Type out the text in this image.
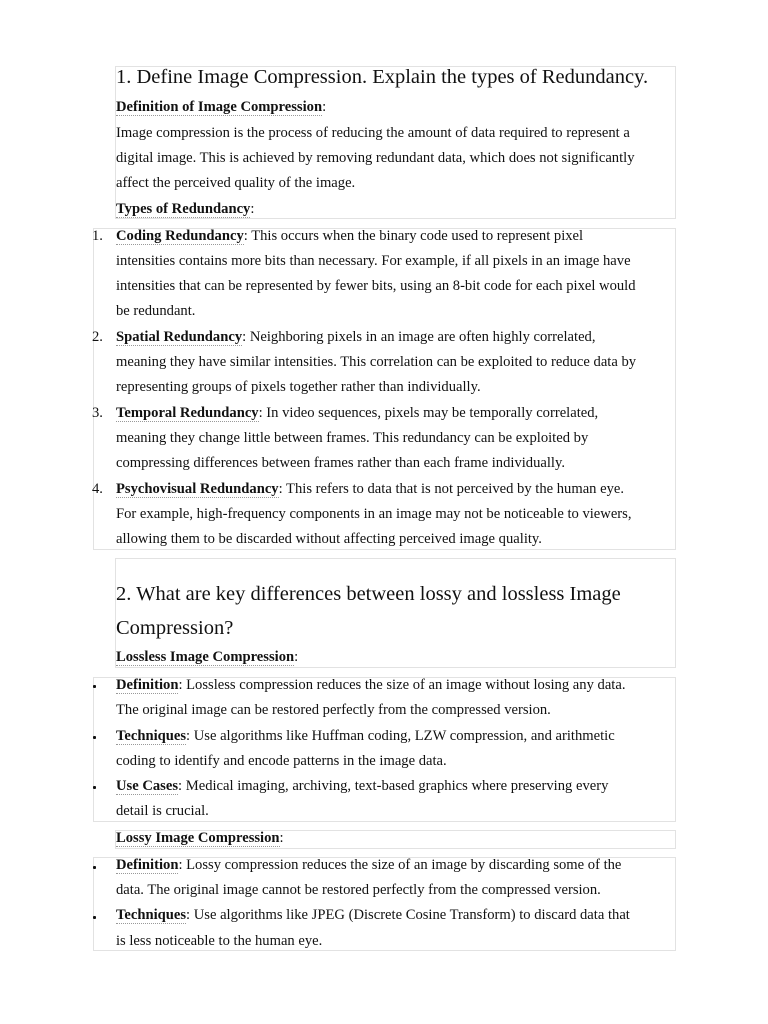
1. Define Image Compression. Explain the types of Redundancy.
Definition of Image Compression:
Image compression is the process of reducing the amount of data required to represent a
digital image. This is achieved by removing redundant data, which does not significantly
affect the perceived quality of the image.
Types of Redundancy:
1. Coding Redundancy: This occurs when the binary code used to represent pixel
intensities contains more bits than necessary. For example, if all pixels in an image have
intensities that can be represented by fewer bits, using an 8-bit code for each pixel would
be redundant.
2. Spatial Redundancy: Neighboring pixels in an image are often highly correlated,
meaning they have similar intensities. This correlation can be exploited to reduce data by
representing groups of pixels together rather than individually.
3. Temporal Redundancy: In video sequences, pixels may be temporally correlated,
meaning they change little between frames. This redundancy can be exploited by
compressing differences between frames rather than each frame individually.
4. Psychovisual Redundancy: This refers to data that is not perceived by the human eye.
For example, high-frequency components in an image may not be noticeable to viewers,
allowing them to be discarded without affecting perceived image quality.
2. What are key differences between lossy and lossless Image
Compression?
Lossless Image Compression:
Definition: Lossless compression reduces the size of an image without losing any data.
The original image can be restored perfectly from the compressed version.
Techniques: Use algorithms like Huffman coding, LZW compression, and arithmetic
coding to identify and encode patterns in the image data.
Use Cases: Medical imaging, archiving, text-based graphics where preserving every
detail is crucial.
Lossy Image Compression:
Definition: Lossy compression reduces the size of an image by discarding some of the
data. The original image cannot be restored perfectly from the compressed version.
Techniques: Use algorithms like JPEG (Discrete Cosine Transform) to discard data that
is less noticeable to the human eye.
